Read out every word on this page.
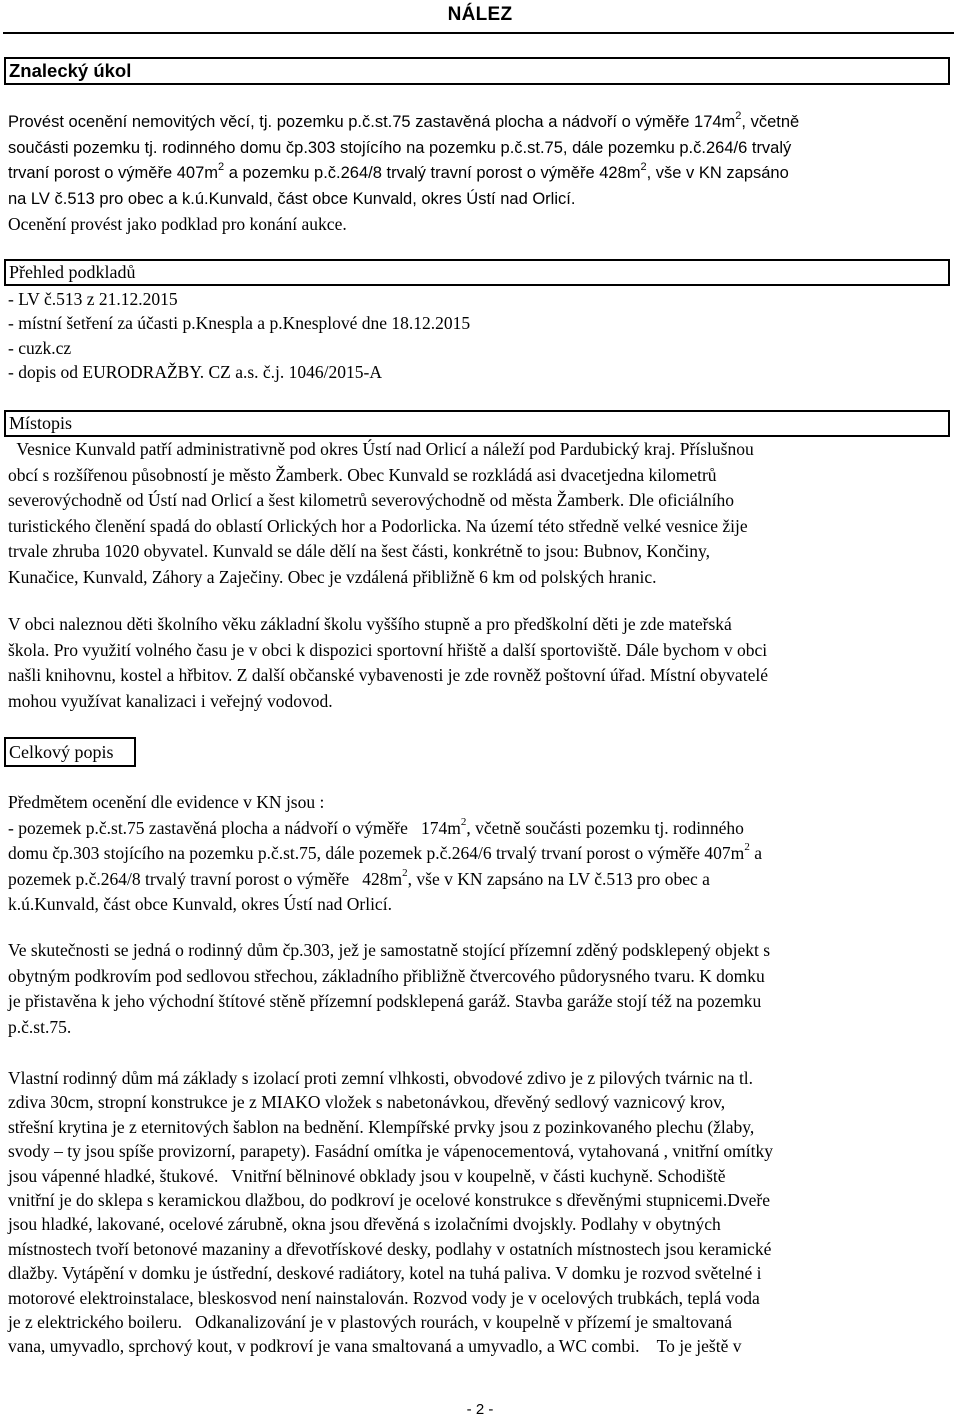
NÁLEZ
Znalecký úkol
Provést ocenění nemovitých věcí, tj. pozemku p.č.st.75 zastavěná plocha a nádvoří o výměře $174m^2$, včetně
součásti pozemku tj. rodinného domu čp.303 stojícího na pozemku p.č.st.75, dále pozemku p.č.264/6 trvalý
trvaní porost o výměře $407m^2$ a pozemku p.č.264/8 trvalý travní porost o výměře $428m^2$, vše v KN zapsáno
na LV č.513 pro obec a k.ú.Kunvald, část obce Kunvald, okres Ústí nad Orlicí.
Ocenění provést jako podklad pro konání aukce.
Přehled podkladů
- LV č.513 z 21.12.2015
- místní šetření za účasti p.Knespla a p.Knesplové dne 18.12.2015
- cuzk.cz
- dopis od EURODRAŽBY. CZ a.s. č.j. 1046/2015-A
Místopis
Vesnice Kunvald patří administrativně pod okres Ústí nad Orlicí a náleží pod Pardubický kraj. Příslušnou
obcí s rozšířenou působností je město Žamberk. Obec Kunvald se rozkládá asi dvacetjedna kilometrů
severovýchodně od Ústí nad Orlicí a šest kilometrů severovýchodně od města Žamberk. Dle oficiálního
turistického členění spadá do oblastí Orlických hor a Podorlicka. Na území této středně velké vesnice žije
trvale zhruba 1020 obyvatel. Kunvald se dále dělí na šest části, konkrétně to jsou: Bubnov, Končiny,
Kunačice, Kunvald, Záhory a Zaječiny. Obec je vzdálená přibližně 6 km od polských hranic.
V obci naleznou děti školního věku základní školu vyššího stupně a pro předškolní děti je zde mateřská
škola. Pro využití volného času je v obci k dispozici sportovní hřiště a další sportoviště. Dále bychom v obci
našli knihovnu, kostel a hřbitov. Z další občanské vybavenosti je zde rovněž poštovní úřad. Místní obyvatelé
mohou využívat kanalizaci i veřejný vodovod.
Celkový popis
Předmětem ocenění dle evidence v KN jsou :
- pozemek p.č.st.75 zastavěná plocha a nádvoří o výměře   $174m^2$, včetně součásti pozemku tj. rodinného
domu čp.303 stojícího na pozemku p.č.st.75, dále pozemek p.č.264/6 trvalý trvaní porost o výměře $407m^2$ a
pozemek p.č.264/8 trvalý travní porost o výměře   $428m^2$, vše v KN zapsáno na LV č.513 pro obec a
k.ú.Kunvald, část obce Kunvald, okres Ústí nad Orlicí.
Ve skutečnosti se jedná o rodinný dům čp.303, jež je samostatně stojící přízemní zděný podsklepený objekt s
obytným podkrovím pod sedlovou střechou, základního přibližně čtvercového půdorysného tvaru. K domku
je přistavěna k jeho východní štítové stěně přízemní podsklepená garáž. Stavba garáže stojí též na pozemku
p.č.st.75.
Vlastní rodinný dům má základy s izolací proti zemní vlhkosti, obvodové zdivo je z pilových tvárnic na tl.
zdiva 30cm, stropní konstrukce je z MIAKO vložek s nabetonávkou, dřevěný sedlový vaznicový krov,
střešní krytina je z eternitových šablon na bednění. Klempířské prvky jsou z pozinkovaného plechu (žlaby,
svody – ty jsou spíše provizorní, parapety). Fasádní omítka je vápenocementová, vytahovaná , vnitřní omítky
jsou vápenné hladké, štukové.   Vnitřní bělninové obklady jsou v koupelně, v části kuchyně. Schodiště
vnitřní je do sklepa s keramickou dlažbou, do podkroví je ocelové konstrukce s dřevěnými stupnicemi.Dveře
jsou hladké, lakované, ocelové zárubně, okna jsou dřevěná s izolačními dvojskly. Podlahy v obytných
místnostech tvoří betonové mazaniny a dřevotřískové desky, podlahy v ostatních místnostech jsou keramické
dlažby. Vytápění v domku je ústřední, deskové radiátory, kotel na tuhá paliva. V domku je rozvod světelné i
motorové elektroinstalace, bleskosvod není nainstalován. Rozvod vody je v ocelových trubkách, teplá voda
je z elektrického boileru.   Odkanalizování je v plastových rourách, v koupelně v přízemí je smaltovaná
vana, umyvadlo, sprchový kout, v podkroví je vana smaltovaná a umyvadlo, a WC combi.    To je ještě v
- 2 -
